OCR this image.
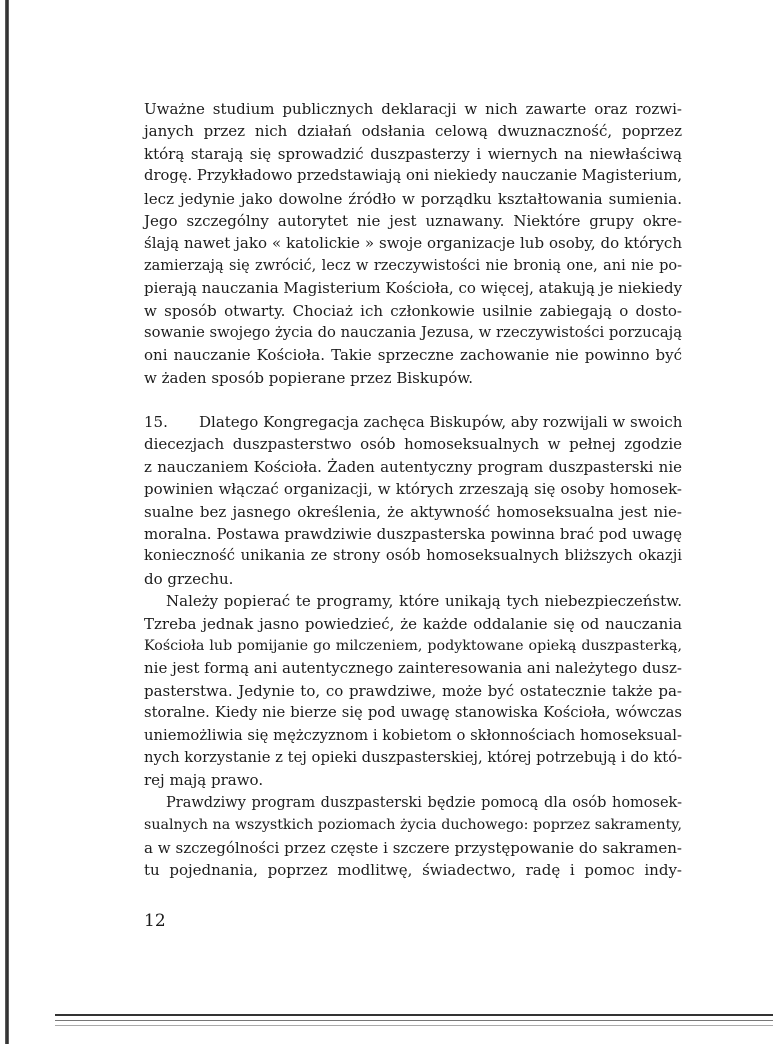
Uważne studium publicznych deklaracji w nich zawarte oraz rozwi-
janych przez nich działań odsłania celową dwuznaczność, poprzez
którą starają się sprowadzić duszpasterzy i wiernych na niewłaściwą
drogę. Przykładowo przedstawiają oni niekiedy nauczanie Magisterium,
lecz jedynie jako dowolne źródło w porządku kształtowania sumienia.
Jego szczególny autorytet nie jest uznawany. Niektóre grupy okre-
ślają nawet jako « katolickie » swoje organizacje lub osoby, do których
zamierzają się zwrócić, lecz w rzeczywistości nie bronią one, ani nie po-
pierają nauczania Magisterium Kościoła, co więcej, atakują je niekiedy
w sposób otwarty. Chociaż ich członkowie usilnie zabiegają o dosto-
sowanie swojego życia do nauczania Jezusa, w rzeczywistości porzucają
oni nauczanie Kościoła. Takie sprzeczne zachowanie nie powinno być
w żaden sposób popierane przez Biskupów.
15. Dlatego Kongregacja zachęca Biskupów, aby rozwijali w swoich
diecezjach duszpasterstwo osób homoseksualnych w pełnej zgodzie
z nauczaniem Kościoła. Żaden autentyczny program duszpasterski nie
powinien włączać organizacji, w których zrzeszają się osoby homosek-
sualne bez jasnego określenia, że aktywność homoseksualna jest nie-
moralna. Postawa prawdziwie duszpasterska powinna brać pod uwagę
konieczność unikania ze strony osób homoseksualnych bliższych okazji
do grzechu.
Należy popierać te programy, które unikają tych niebezpieczeństw.
Tzreba jednak jasno powiedzieć, że każde oddalanie się od nauczania
Kościoła lub pomijanie go milczeniem, podyktowane opieką duszpasterką,
nie jest formą ani autentycznego zainteresowania ani należytego dusz-
pasterstwa. Jedynie to, co prawdziwe, może być ostatecznie także pa-
storalne. Kiedy nie bierze się pod uwagę stanowiska Kościoła, wówczas
uniemożliwia się mężczyznom i kobietom o skłonnościach homoseksual-
nych korzystanie z tej opieki duszpasterskiej, której potrzebują i do któ-
rej mają prawo.
Prawdziwy program duszpasterski będzie pomocą dla osób homosek-
sualnych na wszystkich poziomach życia duchowego: poprzez sakramenty,
a w szczególności przez częste i szczere przystępowanie do sakramen-
tu pojednania, poprzez modlitwę, świadectwo, radę i pomoc indy-
12
